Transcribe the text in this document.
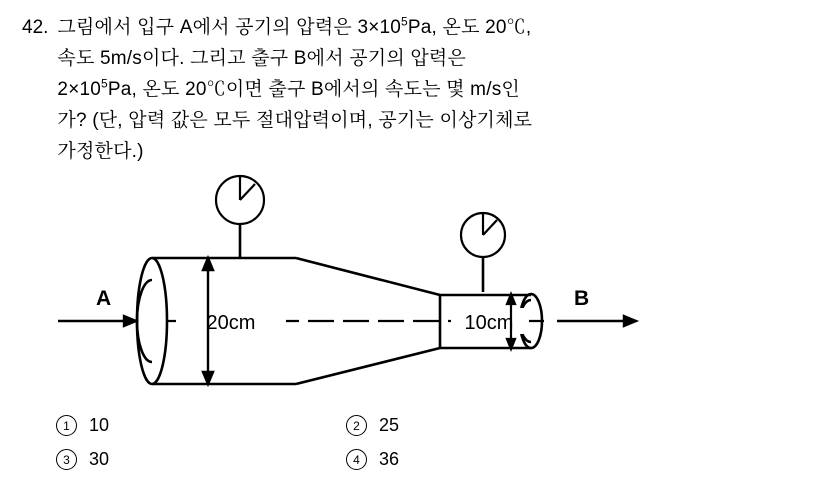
42. 그림에서 입구 A에서 공기의 압력은 $3\times 10^5Pa$, 온도 20℃,
속도 5m/s이다. 그리고 출구 B에서 공기의 압력은
$2\times 10^5Pa$, 온도 20℃이면 출구 B에서의 속도는 몇 m/s인
가? (단, 압력 값은 모두 절대압력이며, 공기는 이상기체로
가정한다.)
20cm	10cm
A	B
1	10	2	25
3	30	4	36
